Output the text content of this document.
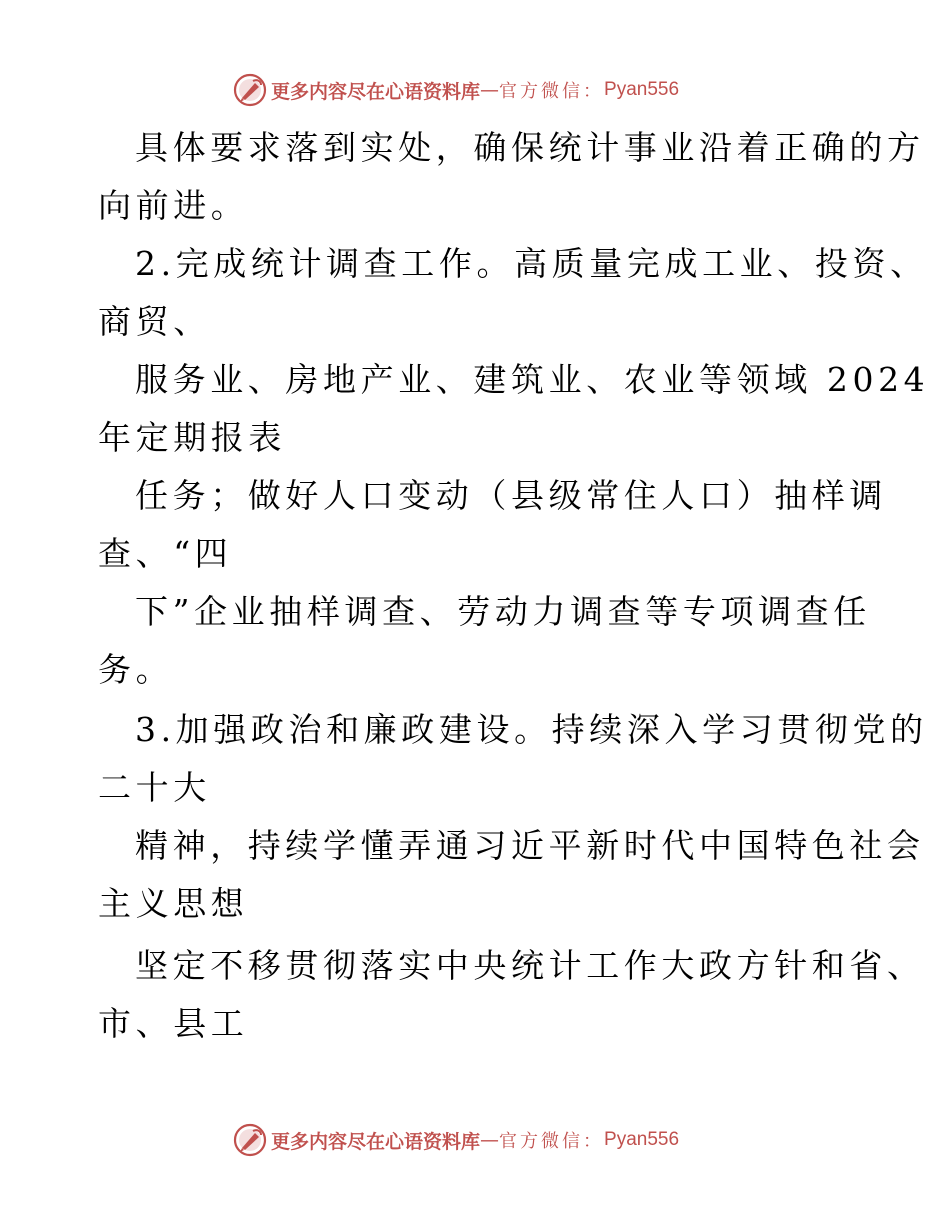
更多内容尽在心语资料库 — 官方微信： Pyan556

具体要求落到实处，确保统计事业沿着正确的方

向前进。

2.完成统计调查工作。高质量完成工业、投资、

商贸、

服务业、房地产业、建筑业、农业等领域 2024

年定期报表

任务；做好人口变动（县级常住人口）抽样调

查、“四

下”企业抽样调查、劳动力调查等专项调查任

务。

3.加强政治和廉政建设。持续深入学习贯彻党的

二十大

精神，持续学懂弄通习近平新时代中国特色社会

主义思想

坚定不移贯彻落实中央统计工作大政方针和省、

市、县工

更多内容尽在心语资料库 — 官方微信： Pyan556
